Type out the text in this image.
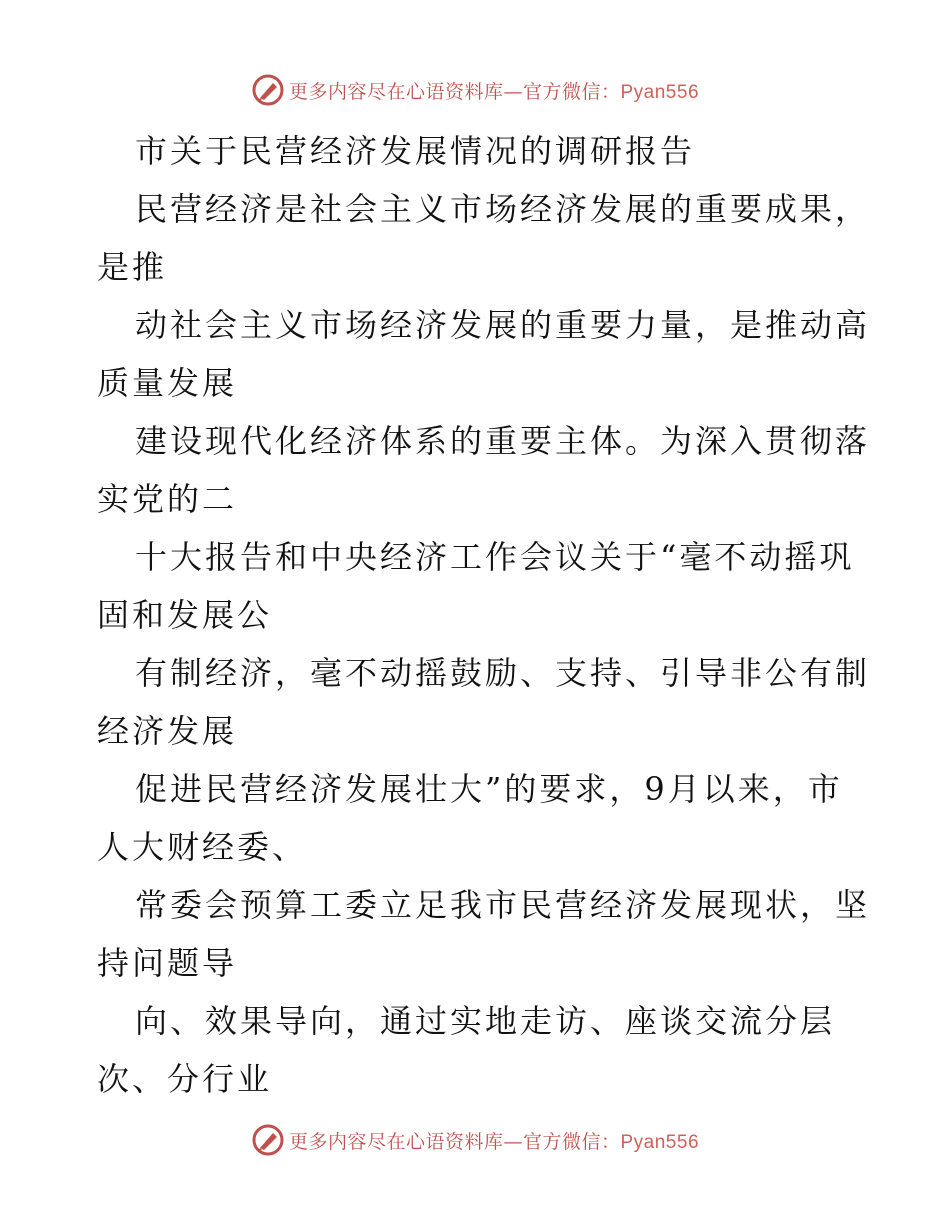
更多内容尽在心语资料库—官方微信：Pyan556
市关于民营经济发展情况的调研报告
民营经济是社会主义市场经济发展的重要成果，
是推
动社会主义市场经济发展的重要力量，是推动高
质量发展
建设现代化经济体系的重要主体。为深入贯彻落
实党的二
十大报告和中央经济工作会议关于“毫不动摇巩
固和发展公
有制经济，毫不动摇鼓励、支持、引导非公有制
经济发展
促进民营经济发展壮大”的要求，9月以来，市
人大财经委、
常委会预算工委立足我市民营经济发展现状，坚
持问题导
向、效果导向，通过实地走访、座谈交流分层
次、分行业
更多内容尽在心语资料库—官方微信：Pyan556
